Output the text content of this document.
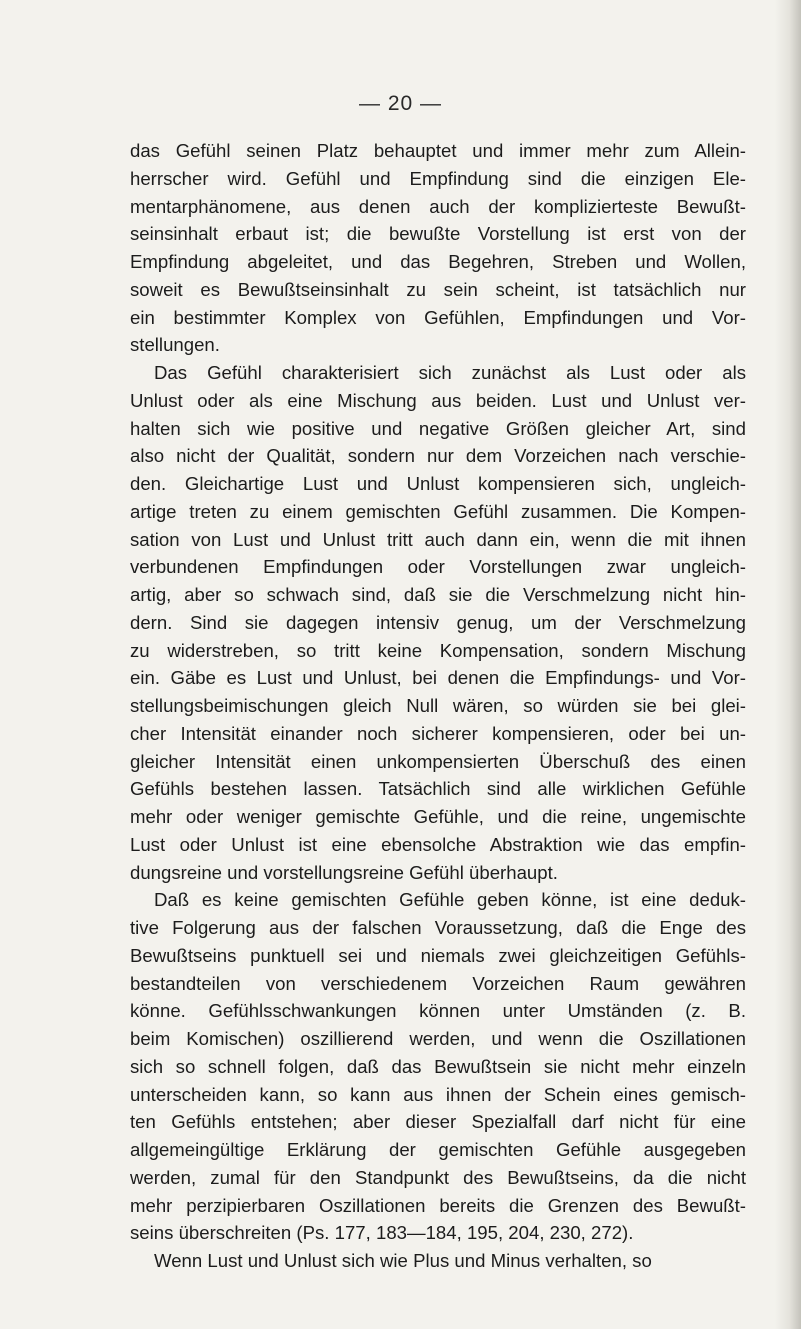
— 20 —

das Gefühl seinen Platz behauptet und immer mehr zum Allein-
herrscher wird. Gefühl und Empfindung sind die einzigen Ele-
mentarphänomene, aus denen auch der komplizierteste Bewußt-
seinsinhalt erbaut ist; die bewußte Vorstellung ist erst von der
Empfindung abgeleitet, und das Begehren, Streben und Wollen,
soweit es Bewußtseinsinhalt zu sein scheint, ist tatsächlich nur
ein bestimmter Komplex von Gefühlen, Empfindungen und Vor-
stellungen.

Das Gefühl charakterisiert sich zunächst als Lust oder als
Unlust oder als eine Mischung aus beiden. Lust und Unlust ver-
halten sich wie positive und negative Größen gleicher Art, sind
also nicht der Qualität, sondern nur dem Vorzeichen nach verschie-
den. Gleichartige Lust und Unlust kompensieren sich, ungleich-
artige treten zu einem gemischten Gefühl zusammen. Die Kompen-
sation von Lust und Unlust tritt auch dann ein, wenn die mit ihnen
verbundenen Empfindungen oder Vorstellungen zwar ungleich-
artig, aber so schwach sind, daß sie die Verschmelzung nicht hin-
dern. Sind sie dagegen intensiv genug, um der Verschmelzung
zu widerstreben, so tritt keine Kompensation, sondern Mischung
ein. Gäbe es Lust und Unlust, bei denen die Empfindungs- und Vor-
stellungsbeimischungen gleich Null wären, so würden sie bei glei-
cher Intensität einander noch sicherer kompensieren, oder bei un-
gleicher Intensität einen unkompensierten Überschuß des einen
Gefühls bestehen lassen. Tatsächlich sind alle wirklichen Gefühle
mehr oder weniger gemischte Gefühle, und die reine, ungemischte
Lust oder Unlust ist eine ebensolche Abstraktion wie das empfin-
dungsreine und vorstellungsreine Gefühl überhaupt.

Daß es keine gemischten Gefühle geben könne, ist eine deduk-
tive Folgerung aus der falschen Voraussetzung, daß die Enge des
Bewußtseins punktuell sei und niemals zwei gleichzeitigen Gefühls-
bestandteilen von verschiedenem Vorzeichen Raum gewähren
könne. Gefühlsschwankungen können unter Umständen (z. B.
beim Komischen) oszillierend werden, und wenn die Oszillationen
sich so schnell folgen, daß das Bewußtsein sie nicht mehr einzeln
unterscheiden kann, so kann aus ihnen der Schein eines gemisch-
ten Gefühls entstehen; aber dieser Spezialfall darf nicht für eine
allgemeingültige Erklärung der gemischten Gefühle ausgegeben
werden, zumal für den Standpunkt des Bewußtseins, da die nicht
mehr perzipierbaren Oszillationen bereits die Grenzen des Bewußt-
seins überschreiten (Ps. 177, 183—184, 195, 204, 230, 272).

Wenn Lust und Unlust sich wie Plus und Minus verhalten, so
